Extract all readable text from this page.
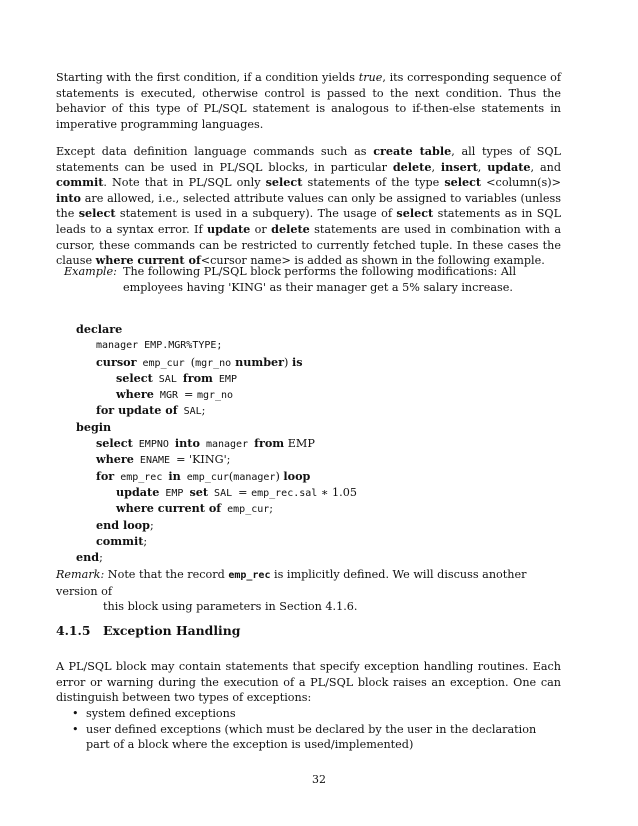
Starting with the first condition, if a condition yields true, its corresponding sequence of statements is executed, otherwise control is passed to the next condition. Thus the behavior of this type of PL/SQL statement is analogous to if-then-else statements in imperative programming languages.

Except data definition language commands such as create table, all types of SQL statements can be used in PL/SQL blocks, in particular delete, insert, update, and commit. Note that in PL/SQL only select statements of the type select <column(s)> into are allowed, i.e., selected attribute values can only be assigned to variables (unless the select statement is used in a subquery). The usage of select statements as in SQL leads to a syntax error. If update or delete statements are used in combination with a cursor, these commands can be restricted to currently fetched tuple. In these cases the clause where current of<cursor name> is added as shown in the following example.

Example: The following PL/SQL block performs the following modifications: All employees having 'KING' as their manager get a 5% salary increase.
declare
manager EMP.MGR%TYPE;
cursor emp_cur (mgr_no number) is
select SAL from EMP
where MGR = mgr_no
for update of SAL;
begin
select EMPNO into manager from EMP
where ENAME = 'KING';
for emp_rec in emp_cur(manager) loop
update EMP set SAL = emp_rec.sal ∗ 1.05
where current of emp_cur;
end loop;
commit;
end;
Remark: Note that the record emp_rec is implicitly defined. We will discuss another version of
this block using parameters in Section 4.1.6.
4.1.5 Exception Handling

A PL/SQL block may contain statements that specify exception handling routines. Each error or warning during the execution of a PL/SQL block raises an exception. One can distinguish between two types of exceptions:

• system defined exceptions
• user defined exceptions (which must be declared by the user in the declaration part of a block where the exception is used/implemented)
32
